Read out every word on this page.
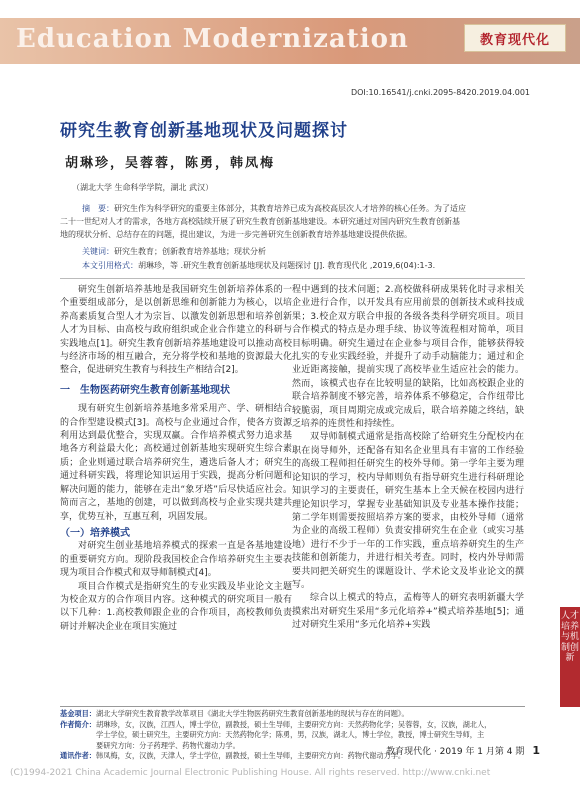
Education Modernization	教育现代化
DOI:10.16541/j.cnki.2095-8420.2019.04.001
研究生教育创新基地现状及问题探讨
胡琳珍，吴蓉蓉，陈勇，韩凤梅
（湖北大学 生命科学学院，湖北 武汉）
摘　要：研究生作为科学研究的重要主体部分，其教育培养已成为高校高层次人才培养的核心任务。为了适应
二十一世纪对人才的需求，各地方高校陆续开展了研究生教育创新基地建设。本研究通过对国内研究生教育创新基
地的现状分析、总结存在的问题，提出建议，为进一步完善研究生创新教育培养基地建设提供依据。
关键词：研究生教育；创新教育培养基地；现状分析
本文引用格式：胡琳珍，等 .研究生教育创新基地现状及问题探讨 [J]. 教育现代化 ,2019,6(04):1-3.

研究生创新培养基地是我国研究生创新培养体系的一个重要组成部分，是以创新思维和创新能力为核心，以培养高素质复合型人才为宗旨、以激发创新思想和培养创新人才为目标、由高校与政府组织或企业合作建立的科研与实践地点[1]。研究生教育创新培养基地建设可以推动高校与经济市场的相互融合，充分将学校和基地的资源最大化整合，促进研究生教育与科技生产相结合[2]。

一　生物医药研究生教育创新基地现状

现有研究生创新培养基地多常采用产、学、研相结合的合作型建设模式[3]。高校与企业通过合作，使各方资源利用达到最优整合，实现双赢。合作培养模式努力追求基地各方利益最大化；高校通过创新基地实现研究生综合素质；企业则通过联合培养研究生，遴选后备人才；研究生通过科研实践，将理论知识运用于实践，提高分析问题和解决问题的能力，能够在走出“象牙塔”后尽快适应社会。简而言之，基地的创建，可以做到高校与企业实现共建共享，优势互补，互惠互利，巩固发展。

（一）培养模式

对研究生创业基地培养模式的探索一直是各基地建设的重要研究方向。现阶段我国校企合作培养研究生主要表现为项目合作模式和双导师制模式[4]。

项目合作模式是指研究生的专业实践及毕业论文主题为校企双方的合作项目内容。这种模式的研究项目一般有以下几种：1.高校教师跟企业的合作项目，高校教师负责研讨并解决企业在项目实施过

程中遇到的技术问题；2.高校做科研成果转化时寻求相关企业进行合作，以开发具有应用前景的创新技术或科技成果；3.校企双方联合申报的各级各类科学研究项目。项目合作模式的特点是办理手续、协议等流程相对简单，项目目标明确。研究生通过在企业参与项目合作，能够获得较扎实的专业实践经验，并提升了动手动脑能力；通过和企业近距离接触，提前实现了高校毕业生适应社会的能力。然而，该模式也存在比较明显的缺陷，比如高校跟企业的联合培养制度不够完善，培养体系不够稳定，合作纽带比较脆弱，项目周期完成或完成后，联合培养随之终结，缺乏培养的连贯性和持续性。

双导师制模式通常是指高校除了给研究生分配校内在职在岗导师外，还配备有知名企业里具有丰富的工作经验的高级工程师担任研究生的校外导师。第一学年主要为理论知识的学习，校内导师则负有指导研究生进行科研理论知识学习的主要责任，研究生基本上全天候在校园内进行理论知识学习，掌握专业基础知识及专业基本操作技能；第二学年则需要按照培养方案的要求，由校外导师（通常为企业的高级工程师）负责安排研究生在企业（或实习基地）进行不少于一年的工作实践，重点培养研究生的生产技能和创新能力，并进行相关考查。同时，校内外导师需要共同把关研究生的课题设计、学术论文及毕业论文的撰写。

综合以上模式的特点，孟梅等人的研究表明新疆大学摸索出对研究生采用“多元化培养+”模式培养基地[5]；通过对研究生采用“多元化培养+实践

人才培养与机制创新
基金项目： 湖北大学研究生教育教学改革项目《湖北大学生物医药研究生教育创新基地的现状与存在的问题》。
作者简介： 胡琳珍，女，汉族，江西人，博士学位，副教授，硕士生导师，主要研究方向：天然药物化学；吴蓉蓉，女，汉族，湖北人，
学士学位，硕士研究生，主要研究方向：天然药物化学；陈勇，男，汉族，湖北人，博士学位，教授，博士研究生导师，主
要研究方向：分子药理学、药物代谢动力学。
通讯作者： 韩凤梅，女，汉族，天津人，学士学位，副教授，硕士生导师，主要研究方向：药物代谢动力学。
教育现代化 · 2019 年 1 月第 4 期 1
(C)1994-2021 China Academic Journal Electronic Publishing House. All rights reserved. http://www.cnki.net
